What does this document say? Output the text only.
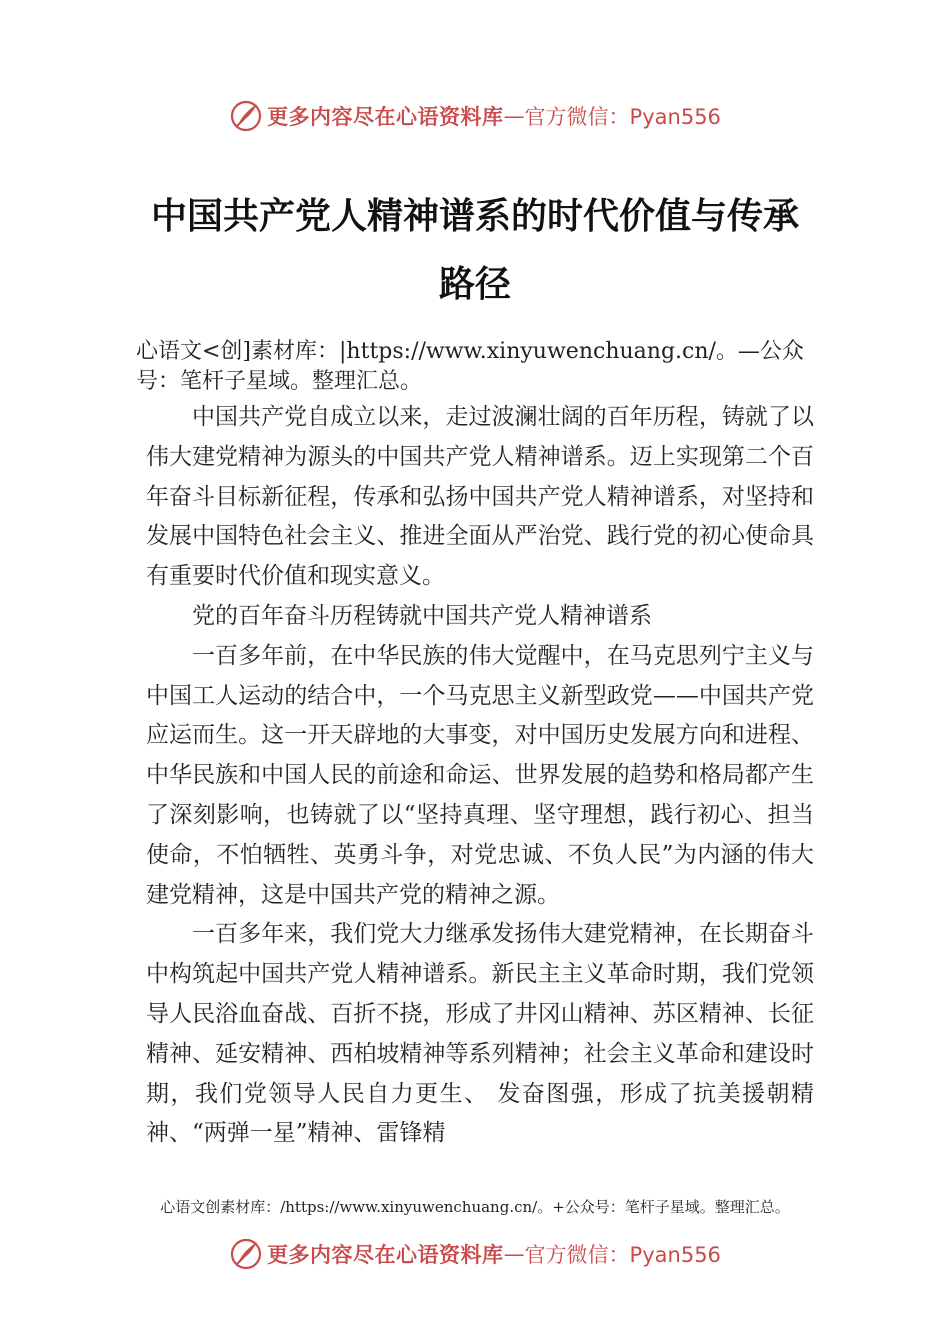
更多内容尽在心语资料库 — 官方微信：Pyan556
中国共产党人精神谱系的时代价值与传承
路径

心语文<创]素材库：|https://www.xinyuwenchuang.cn/。—公众号：笔杆子星域。整理汇总。

中国共产党自成立以来，走过波澜壮阔的百年历程，铸就了以伟大建党精神为源头的中国共产党人精神谱系。迈上实现第二个百年奋斗目标新征程，传承和弘扬中国共产党人精神谱系，对坚持和发展中国特色社会主义、推进全面从严治党、践行党的初心使命具有重要时代价值和现实意义。

党的百年奋斗历程铸就中国共产党人精神谱系

一百多年前，在中华民族的伟大觉醒中，在马克思列宁主义与中国工人运动的结合中，一个马克思主义新型政党——中国共产党应运而生。这一开天辟地的大事变，对中国历史发展方向和进程、中华民族和中国人民的前途和命运、世界发展的趋势和格局都产生了深刻影响，也铸就了以“坚持真理、坚守理想，践行初心、担当使命，不怕牺牲、英勇斗争，对党忠诚、不负人民”为内涵的伟大建党精神，这是中国共产党的精神之源。

一百多年来，我们党大力继承发扬伟大建党精神，在长期奋斗中构筑起中国共产党人精神谱系。新民主主义革命时期，我们党领导人民浴血奋战、百折不挠，形成了井冈山精神、苏区精神、长征精神、延安精神、西柏坡精神等系列精神；社会主义革命和建设时期，我们党领导人民自力更生、 发奋图强，形成了抗美援朝精神、“两弹一星”精神、雷锋精

心语文创素材库：/https://www.xinyuwenchuang.cn/。+公众号：笔杆子星域。整理汇总。

更多内容尽在心语资料库 — 官方微信：Pyan556
